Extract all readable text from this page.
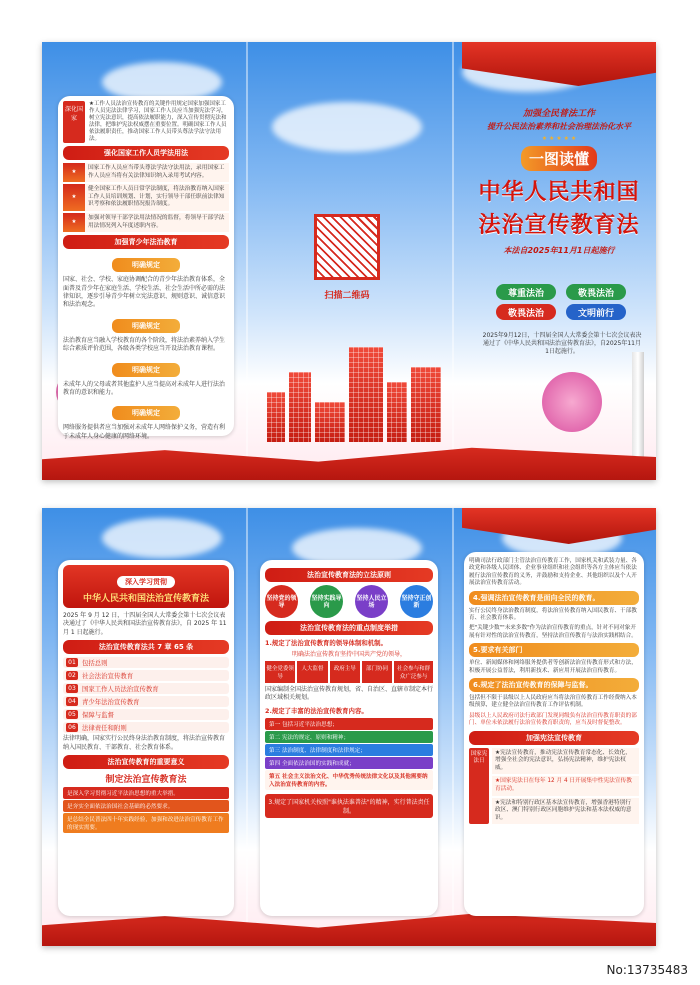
深化国家
★工作人员法治宣传教育的关键作用规定国家加强国家工作人员宪法法律学习，国家工作人员应当加强宪法学习，树立宪法意识，提高依法履职能力，深入宣传贯彻宪法和法律，把维护宪法权威摆在重要位置。明确国家工作人员依法履职责任，推动国家工作人员带头尊法学法守法用法。
强化国家工作人员学法用法
★
国家工作人员应当带头尊法学法守法用法，录用国家工作人员应当将有关法律知识纳入录用考试内容。
★
健全国家工作人员日常学法制度，将法治教育纳入国家工作人员培训规划、计划，实行领导干部任职前法律知识考察和依法履职情况报告制度。
★
加强对领导干部学法用法情况的监督，将领导干部学法用法情况列入年度述职内容。
加强青少年法治教育
明确规定
国家、社会、学校、家庭协调配合的青少年法治教育体系，全面普及青少年在家庭生活、学校生活、社会生活中所必需的法律知识，逐步引导青少年树立宪法意识、规则意识、诚信意识和法治观念。
明确规定
法治教育应当融入学校教育的各个阶段，将法治素养纳入学生综合素质评价范围，各级各类学校应当开设法治教育课程。
明确规定
未成年人的父母或者其他监护人应当提高对未成年人进行法治教育的意识和能力。
明确规定
网络服务提供者应当加强对未成年人网络保护义务，营造有利于未成年人身心健康的网络环境。
扫描二维码
加强全民普法工作
提升公民法治素养和社会治理法治化水平
★ ★ ★ ★ ★
一图读懂
中华人民共和国
法治宣传教育法
本法自2025年11月1日起施行
尊重法治	敬畏法治
敬畏法治	文明前行
2025年9月12日，十四届全国人大常委会第十七次会议表决通过了《中华人民共和国法治宣传教育法》，自2025年11月1日起施行。
深入学习贯彻
中华人民共和国法治宣传教育法
2025 年 9 月 12 日，十四届全国人大常委会第十七次会议表决通过了《中华人民共和国法治宣传教育法》，自 2025 年 11 月 1 日起施行。
法治宣传教育法共 7 章 65 条
01 包括总则
02 社会法治宣传教育
03 国家工作人员法治宣传教育
04 青少年法治宣传教育
05 保障与监督
06 法律责任和附则
法律明确，国家实行公民终身法治教育制度，将法治宣传教育纳入国民教育、干部教育、社会教育体系。
法治宣传教育的重要意义
制定法治宣传教育法
是深入学习贯彻习近平法治思想的重大举措。
是夯实全面依法治国社会基础的必然要求。
是总结全民普法四十年实践经验，加强和改进法治宣传教育工作的现实需要。
法治宣传教育法的立法原则
坚持党的领导
坚持实践导向
坚持人民立场
坚持守正创新
法治宣传教育法的重点制度举措
1.规定了法治宣传教育的领导体制和机制。
明确法治宣传教育坚持中国共产党的领导，
健全党委领导
人大监督	政府主导	部门协同	社会参与和群众广泛参与
国家编制全国法治宣传教育规划，省、自治区、直辖市制定本行政区域相关规划。
2.规定了丰富的法治宣传教育内容。
第一 包括习近平法治思想；
第二 宪法的规定、原则和精神；
第三 法治制度、法律制度和法律规定；
第四 全面依法治国的实践和成就；
第五 社会主义法治文化、中华优秀传统法律文化以及其他需要纳入法治宣传教育的内容。
3.规定了国家机关按照"谁执法谁普法"的精神，实行普法责任制。
明确司法行政部门主管法治宣传教育工作，国家机关和武装力量、各政党和各级人民团体、企业事业组织和社会组织等各方主体应当依法履行法治宣传教育的义务，并鼓励和支持企业、其他组织以及个人开展法治宣传教育活动。
4.强调法治宣传教育是面向全民的教育。
实行公民终身法治教育制度，将法治宣传教育纳入国民教育、干部教育、社会教育体系。
把"关键少数""未来多数"作为法治宣传教育的重点，针对不同对象开展有针对性的法治宣传教育，坚持法治宣传教育与法治实践相结合。
5.要求有关部门
单位、新闻媒体和网络服务提供者等创新法治宣传教育形式和方法，积极开展公益普法，利用新技术、新应用开展法治宣传教育。
6.规定了法治宣传教育的保障与监督。
包括但不限于县级以上人民政府应当将法治宣传教育工作经费纳入本级预算，建立健全法治宣传教育工作评估机制。
县级以上人民政府司法行政部门发现同级负有法治宣传教育职责的部门、单位未依法履行法治宣传教育职责的，应当及时督促整改。
加强宪法宣传教育
国家宪法日
★宪法宣传教育，推动宪法宣传教育常态化、长效化，增强全社会的宪法意识，弘扬宪法精神，维护宪法权威。
★国家宪法日在每年 12 月 4 日开展集中性宪法宣传教育活动。
★宪法和特别行政区基本法宣传教育，增强香港特别行政区、澳门特别行政区同胞维护宪法和基本法权威的意识。
No:13735483
